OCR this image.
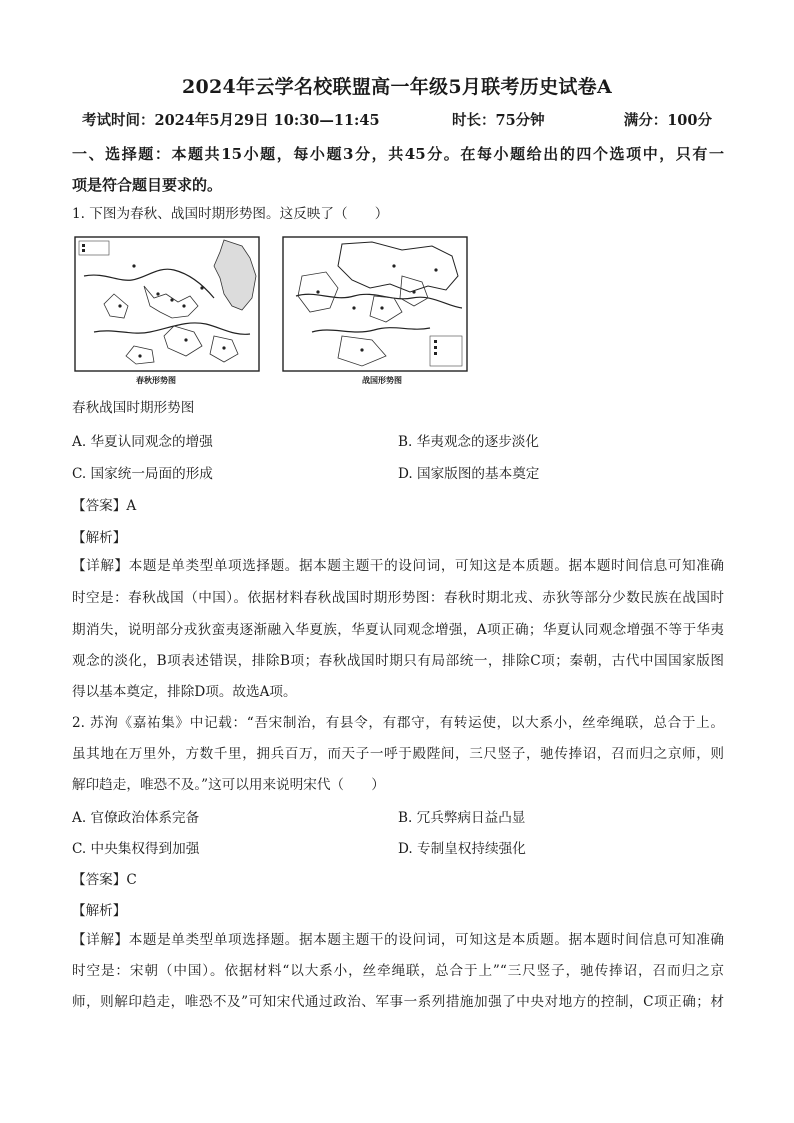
2024年云学名校联盟高一年级5月联考历史试卷A
考试时间：2024年5月29日 10:30—11:45	时长：75分钟	满分：100分
一、选择题：本题共15小题，每小题3分，共45分。在每小题给出的四个选项中，只有一
项是符合题目要求的。
1. 下图为春秋、战国时期形势图。这反映了（　　）
春秋形势图	战国形势图
春秋战国时期形势图
A. 华夏认同观念的增强	B. 华夷观念的逐步淡化
C. 国家统一局面的形成	D. 国家版图的基本奠定
【答案】A
【解析】
【详解】本题是单类型单项选择题。据本题主题干的设问词，可知这是本质题。据本题时间信息可知准确
时空是：春秋战国（中国）。依据材料春秋战国时期形势图：春秋时期北戎、赤狄等部分少数民族在战国时
期消失，说明部分戎狄蛮夷逐渐融入华夏族，华夏认同观念增强，A项正确；华夏认同观念增强不等于华夷
观念的淡化，B项表述错误，排除B项；春秋战国时期只有局部统一，排除C项；秦朝，古代中国国家版图
得以基本奠定，排除D项。故选A项。
2. 苏洵《嘉祐集》中记载：“吾宋制治，有县令，有郡守，有转运使，以大系小，丝牵绳联，总合于上。
虽其地在万里外，方数千里，拥兵百万，而天子一呼于殿陛间，三尺竖子，驰传捧诏，召而归之京师，则
解印趋走，唯恐不及。”这可以用来说明宋代（　　）
A. 官僚政治体系完备	B. 冗兵弊病日益凸显
C. 中央集权得到加强	D. 专制皇权持续强化
【答案】C
【解析】
【详解】本题是单类型单项选择题。据本题主题干的设问词，可知这是本质题。据本题时间信息可知准确
时空是：宋朝（中国）。依据材料“以大系小，丝牵绳联，总合于上”“三尺竖子，驰传捧诏，召而归之京
师，则解印趋走，唯恐不及”可知宋代通过政治、军事一系列措施加强了中央对地方的控制，C项正确；材
